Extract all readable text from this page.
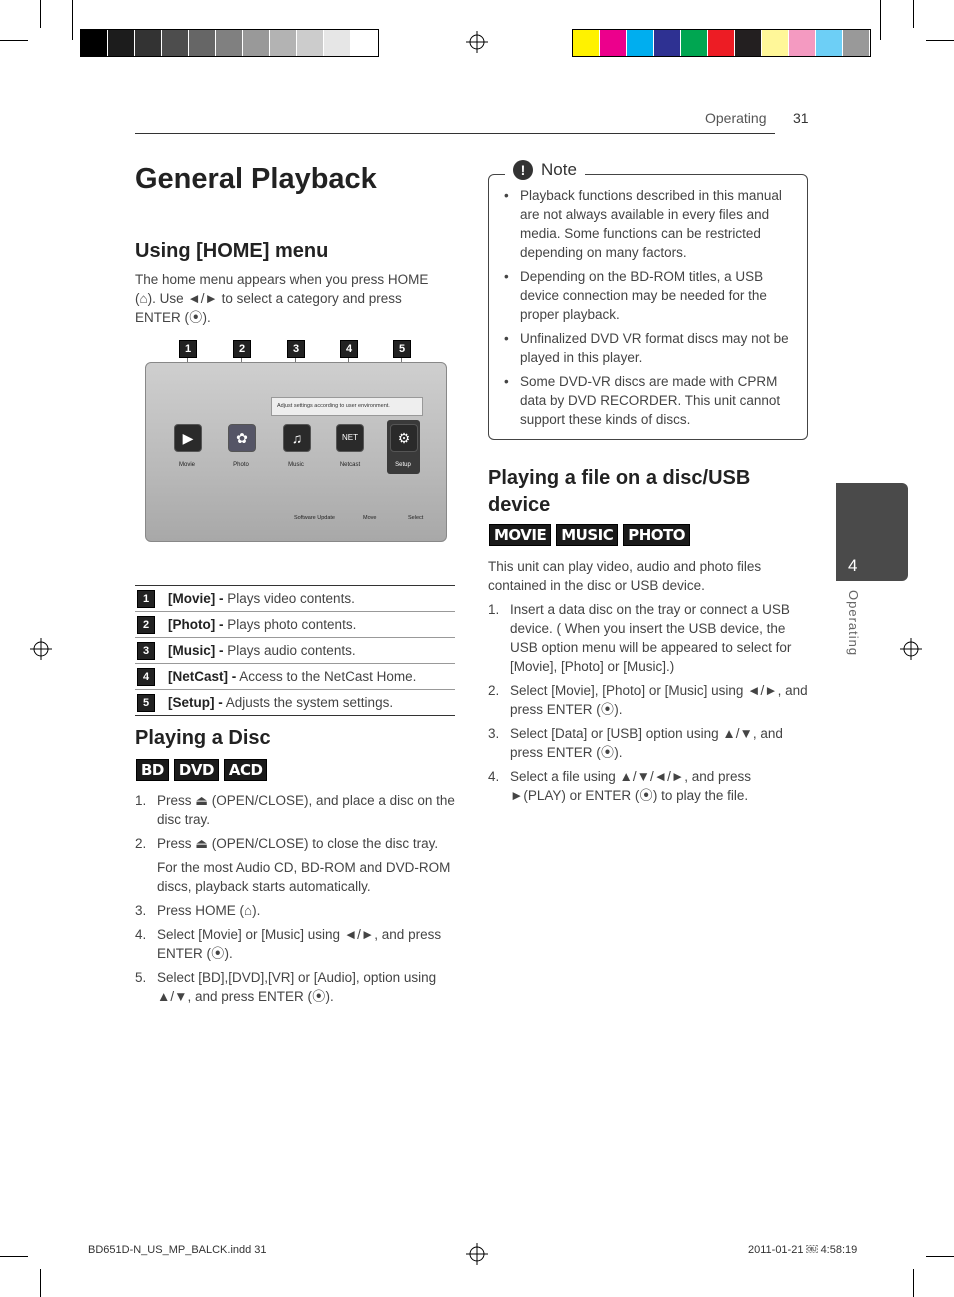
Operating 31
General Playback
Using [HOME] menu
The home menu appears when you press HOME (⌂). Use ◄/► to select a category and press ENTER (⦿).
1	2	3	4	5
Adjust settings according to user environment.
▶	✿	♫	NET	⚙
Movie	Photo	Music	Netcast	Setup
Software Update	Move	Select
1	[Movie] - Plays video contents.
2	[Photo] - Plays photo contents.
3	[Music] - Plays audio contents.
4	[NetCast] - Access to the NetCast Home.
5	[Setup] - Adjusts the system settings.
Playing a Disc
BD	DVD	ACD
1. Press ⏏ (OPEN/CLOSE), and place a disc on the disc tray.
2. Press ⏏ (OPEN/CLOSE) to close the disc tray.
For the most Audio CD, BD-ROM and DVD-ROM discs, playback starts automatically.
3. Press HOME (⌂).
4. Select [Movie] or [Music] using ◄/►, and press ENTER (⦿).
5. Select [BD],[DVD],[VR] or [Audio], option using ▲/▼, and press ENTER (⦿).
• Playback functions described in this manual are not always available in every files and media. Some functions can be restricted depending on many factors.
• Depending on the BD-ROM titles, a USB device connection may be needed for the proper playback.
• Unfinalized DVD VR format discs may not be played in this player.
• Some DVD-VR discs are made with CPRM data by DVD RECORDER. This unit cannot support these kinds of discs.
! Note
Playing a file on a disc/USB device
MOVIE	MUSIC	PHOTO
This unit can play video, audio and photo files contained in the disc or USB device.
1. Insert a data disc on the tray or connect a USB device. ( When you insert the USB device, the USB option menu will be appeared to select for [Movie], [Photo] or [Music].)
2. Select [Movie], [Photo] or [Music] using ◄/►, and press ENTER (⦿).
3. Select [Data] or [USB] option using ▲/▼, and press ENTER (⦿).
4. Select a file using ▲/▼/◄/►, and press ►(PLAY) or ENTER (⦿) to play the file.
4
Operating
BD651D-N_US_MP_BALCK.indd 31	2011-01-21 ￼ 4:58:19
